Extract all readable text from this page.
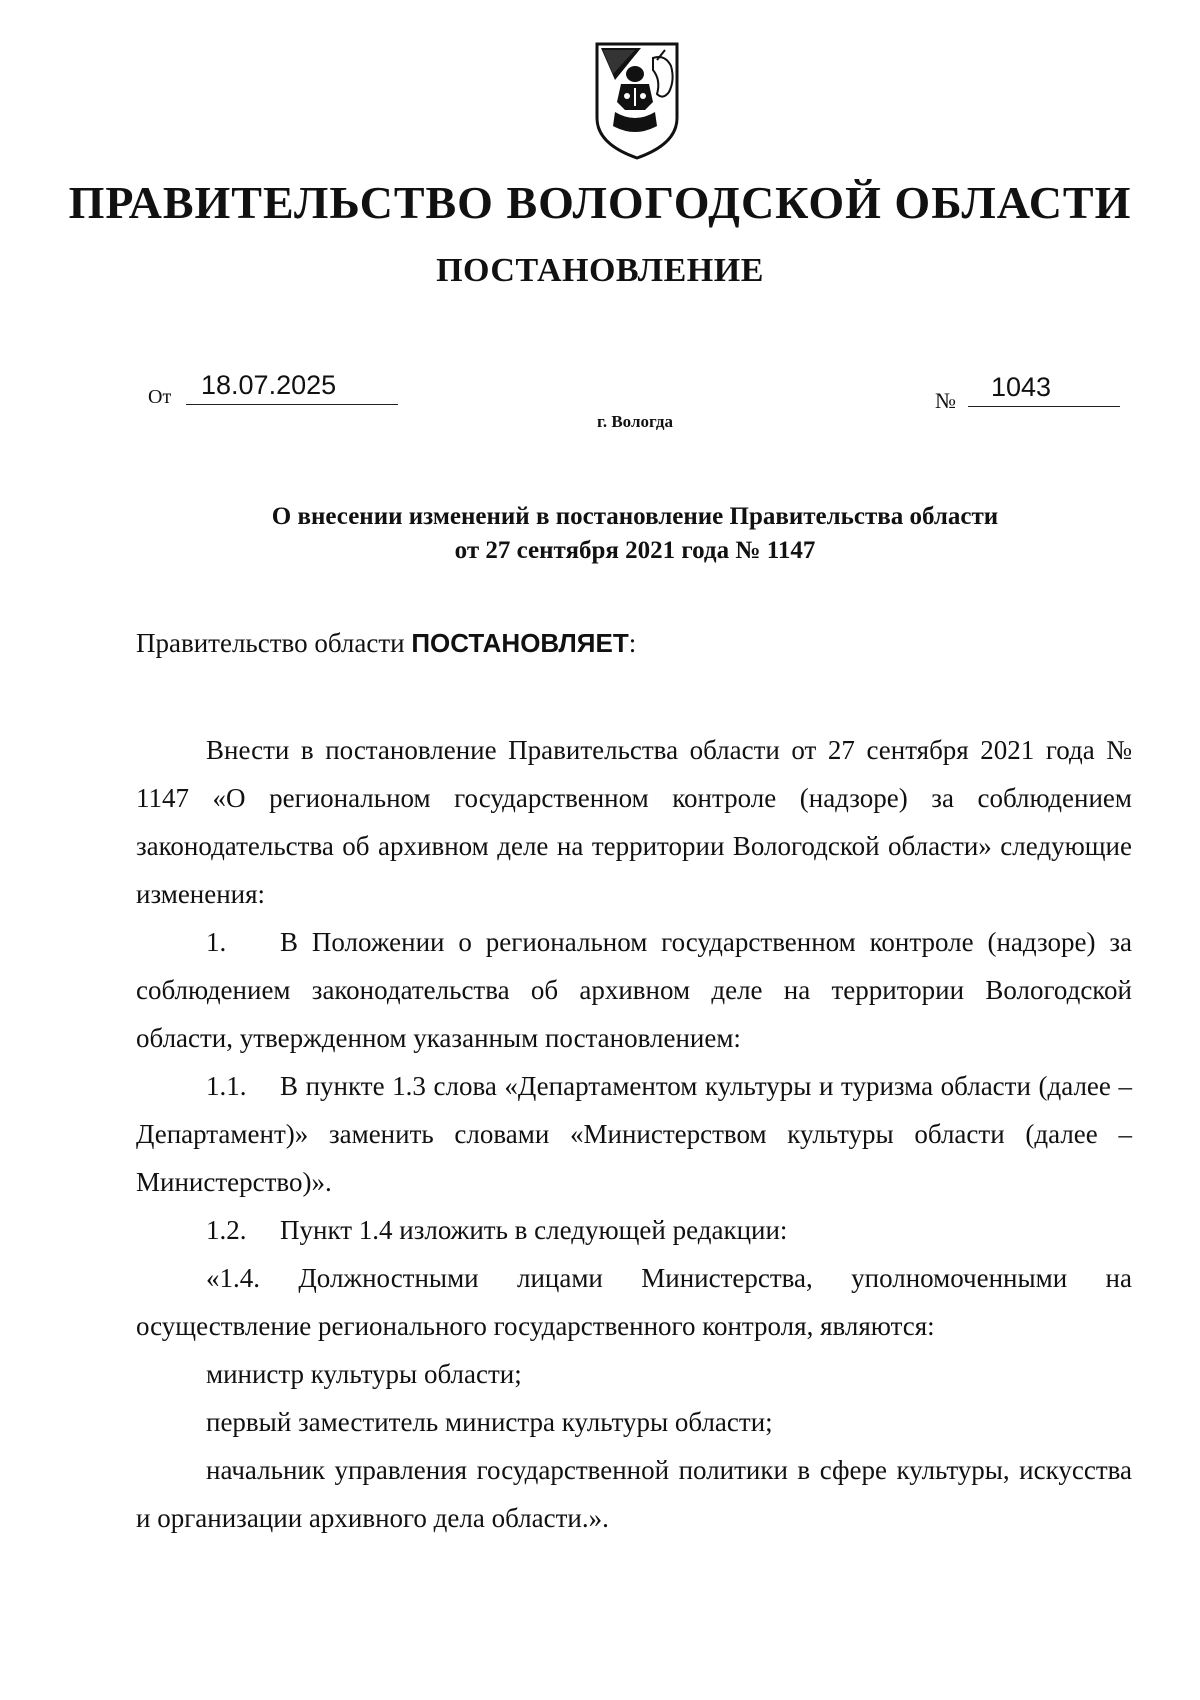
ПРАВИТЕЛЬСТВО ВОЛОГОДСКОЙ ОБЛАСТИ
ПОСТАНОВЛЕНИЕ
От 18.07.2025
№ 1043
г. Вологда
О внесении изменений в постановление Правительства области
от 27 сентября 2021 года № 1147
Правительство области ПОСТАНОВЛЯЕТ:

Внести в постановление Правительства области от 27 сентября 2021 года № 1147 «О региональном государственном контроле (надзоре) за соблюдением законодательства об архивном деле на территории Вологодской области» следующие изменения:

1. В Положении о региональном государственном контроле (надзоре) за соблюдением законодательства об архивном деле на территории Вологодской области, утвержденном указанным постановлением:

1.1. В пункте 1.3 слова «Департаментом культуры и туризма области (далее – Департамент)» заменить словами «Министерством культуры области (далее – Министерство)».

1.2. Пункт 1.4 изложить в следующей редакции:

«1.4. Должностными лицами Министерства, уполномоченными на осуществление регионального государственного контроля, являются:

министр культуры области;

первый заместитель министра культуры области;

начальник управления государственной политики в сфере культуры, искусства и организации архивного дела области.».
